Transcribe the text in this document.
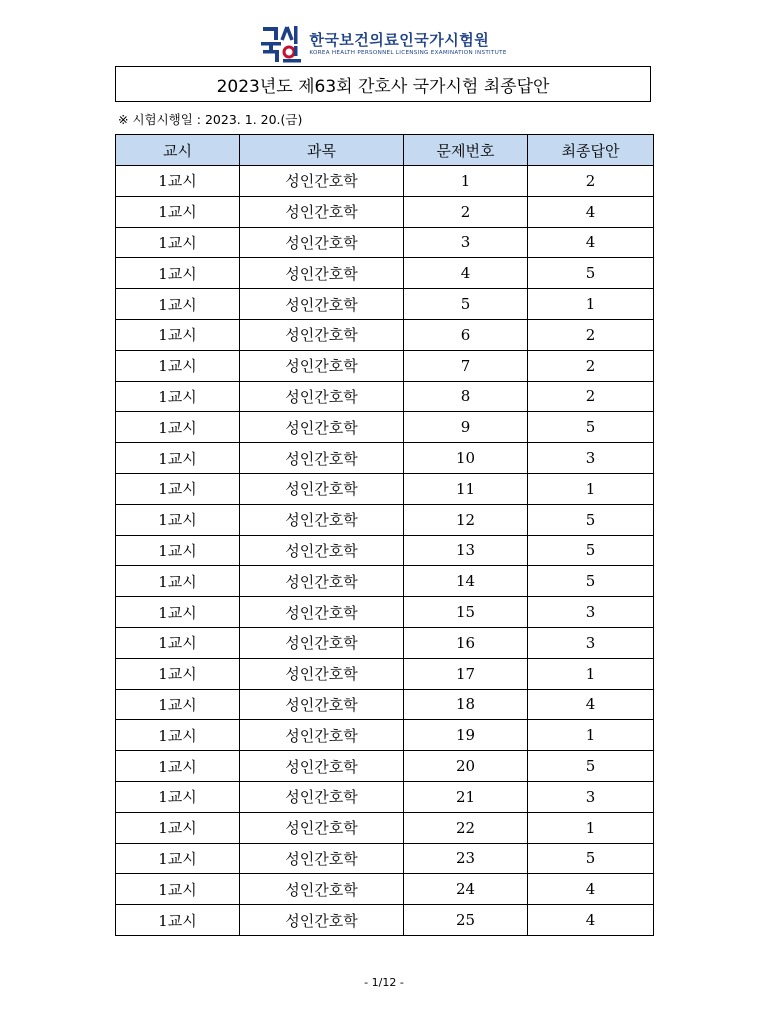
한국보건의료인국가시험원
KOREA HEALTH PERSONNEL LICENSING EXAMINATION INSTITUTE
2023년도 제63회 간호사 국가시험 최종답안
※ 시험시행일 : 2023. 1. 20.(금)
교시	과목	문제번호	최종답안
1교시	성인간호학	1	2
1교시	성인간호학	2	4
1교시	성인간호학	3	4
1교시	성인간호학	4	5
1교시	성인간호학	5	1
1교시	성인간호학	6	2
1교시	성인간호학	7	2
1교시	성인간호학	8	2
1교시	성인간호학	9	5
1교시	성인간호학	10	3
1교시	성인간호학	11	1
1교시	성인간호학	12	5
1교시	성인간호학	13	5
1교시	성인간호학	14	5
1교시	성인간호학	15	3
1교시	성인간호학	16	3
1교시	성인간호학	17	1
1교시	성인간호학	18	4
1교시	성인간호학	19	1
1교시	성인간호학	20	5
1교시	성인간호학	21	3
1교시	성인간호학	22	1
1교시	성인간호학	23	5
1교시	성인간호학	24	4
1교시	성인간호학	25	4
- 1/12 -
